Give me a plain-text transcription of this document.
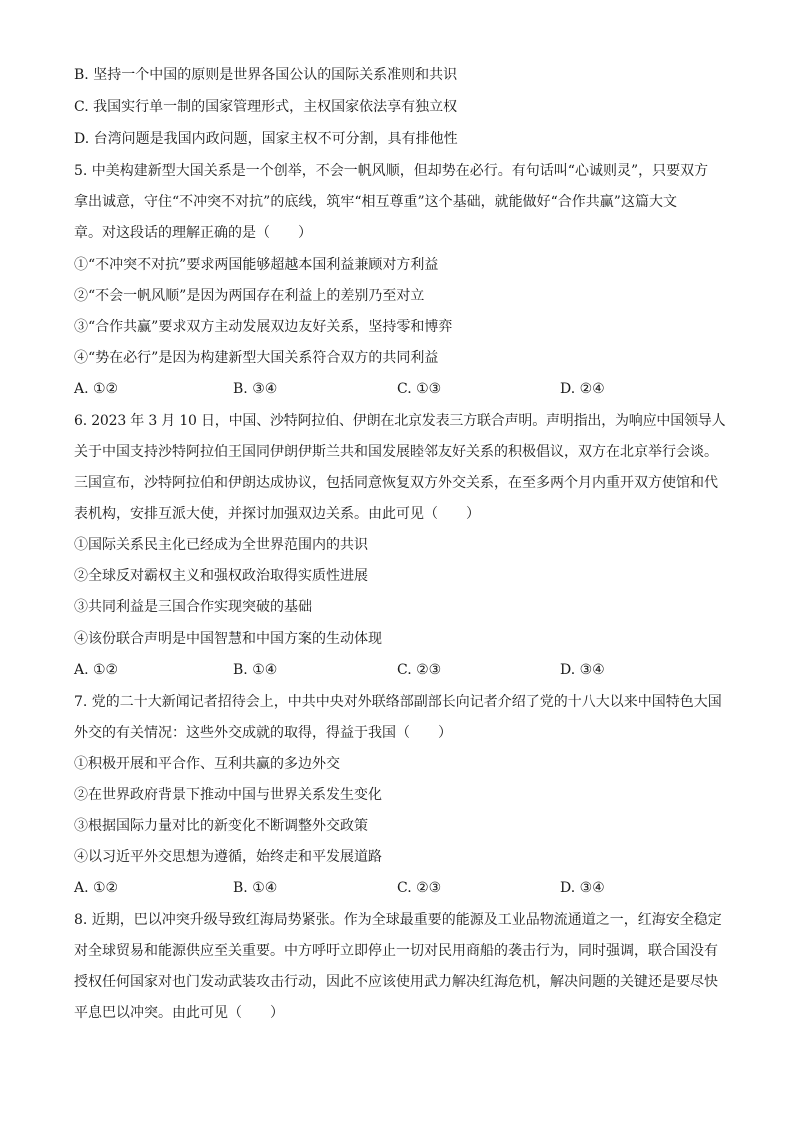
B. 坚持一个中国的原则是世界各国公认的国际关系准则和共识
C. 我国实行单一制的国家管理形式，主权国家依法享有独立权
D. 台湾问题是我国内政问题，国家主权不可分割，具有排他性
5. 中美构建新型大国关系是一个创举，不会一帆风顺，但却势在必行。有句话叫“心诚则灵”，只要双方
拿出诚意，守住“不冲突不对抗”的底线，筑牢“相互尊重”这个基础，就能做好“合作共赢”这篇大文
章。对这段话的理解正确的是（　　）
①“不冲突不对抗”要求两国能够超越本国利益兼顾对方利益
②“不会一帆风顺”是因为两国存在利益上的差别乃至对立
③“合作共赢”要求双方主动发展双边友好关系，坚持零和博弈
④“势在必行”是因为构建新型大国关系符合双方的共同利益
A. ①②	B. ③④	C. ①③	D. ②④
6. 2023 年 3 月 10 日，中国、沙特阿拉伯、伊朗在北京发表三方联合声明。声明指出，为响应中国领导人
关于中国支持沙特阿拉伯王国同伊朗伊斯兰共和国发展睦邻友好关系的积极倡议，双方在北京举行会谈。
三国宣布，沙特阿拉伯和伊朗达成协议，包括同意恢复双方外交关系，在至多两个月内重开双方使馆和代
表机构，安排互派大使，并探讨加强双边关系。由此可见（　　）
①国际关系民主化已经成为全世界范围内的共识
②全球反对霸权主义和强权政治取得实质性进展
③共同利益是三国合作实现突破的基础
④该份联合声明是中国智慧和中国方案的生动体现
A. ①②	B. ①④	C. ②③	D. ③④
7. 党的二十大新闻记者招待会上，中共中央对外联络部副部长向记者介绍了党的十八大以来中国特色大国
外交的有关情况：这些外交成就的取得，得益于我国（　　）
①积极开展和平合作、互利共赢的多边外交
②在世界政府背景下推动中国与世界关系发生变化
③根据国际力量对比的新变化不断调整外交政策
④以习近平外交思想为遵循，始终走和平发展道路
A. ①②	B. ①④	C. ②③	D. ③④
8. 近期，巴以冲突升级导致红海局势紧张。作为全球最重要的能源及工业品物流通道之一，红海安全稳定
对全球贸易和能源供应至关重要。中方呼吁立即停止一切对民用商船的袭击行为，同时强调，联合国没有
授权任何国家对也门发动武装攻击行动，因此不应该使用武力解决红海危机，解决问题的关键还是要尽快
平息巴以冲突。由此可见（　　）
